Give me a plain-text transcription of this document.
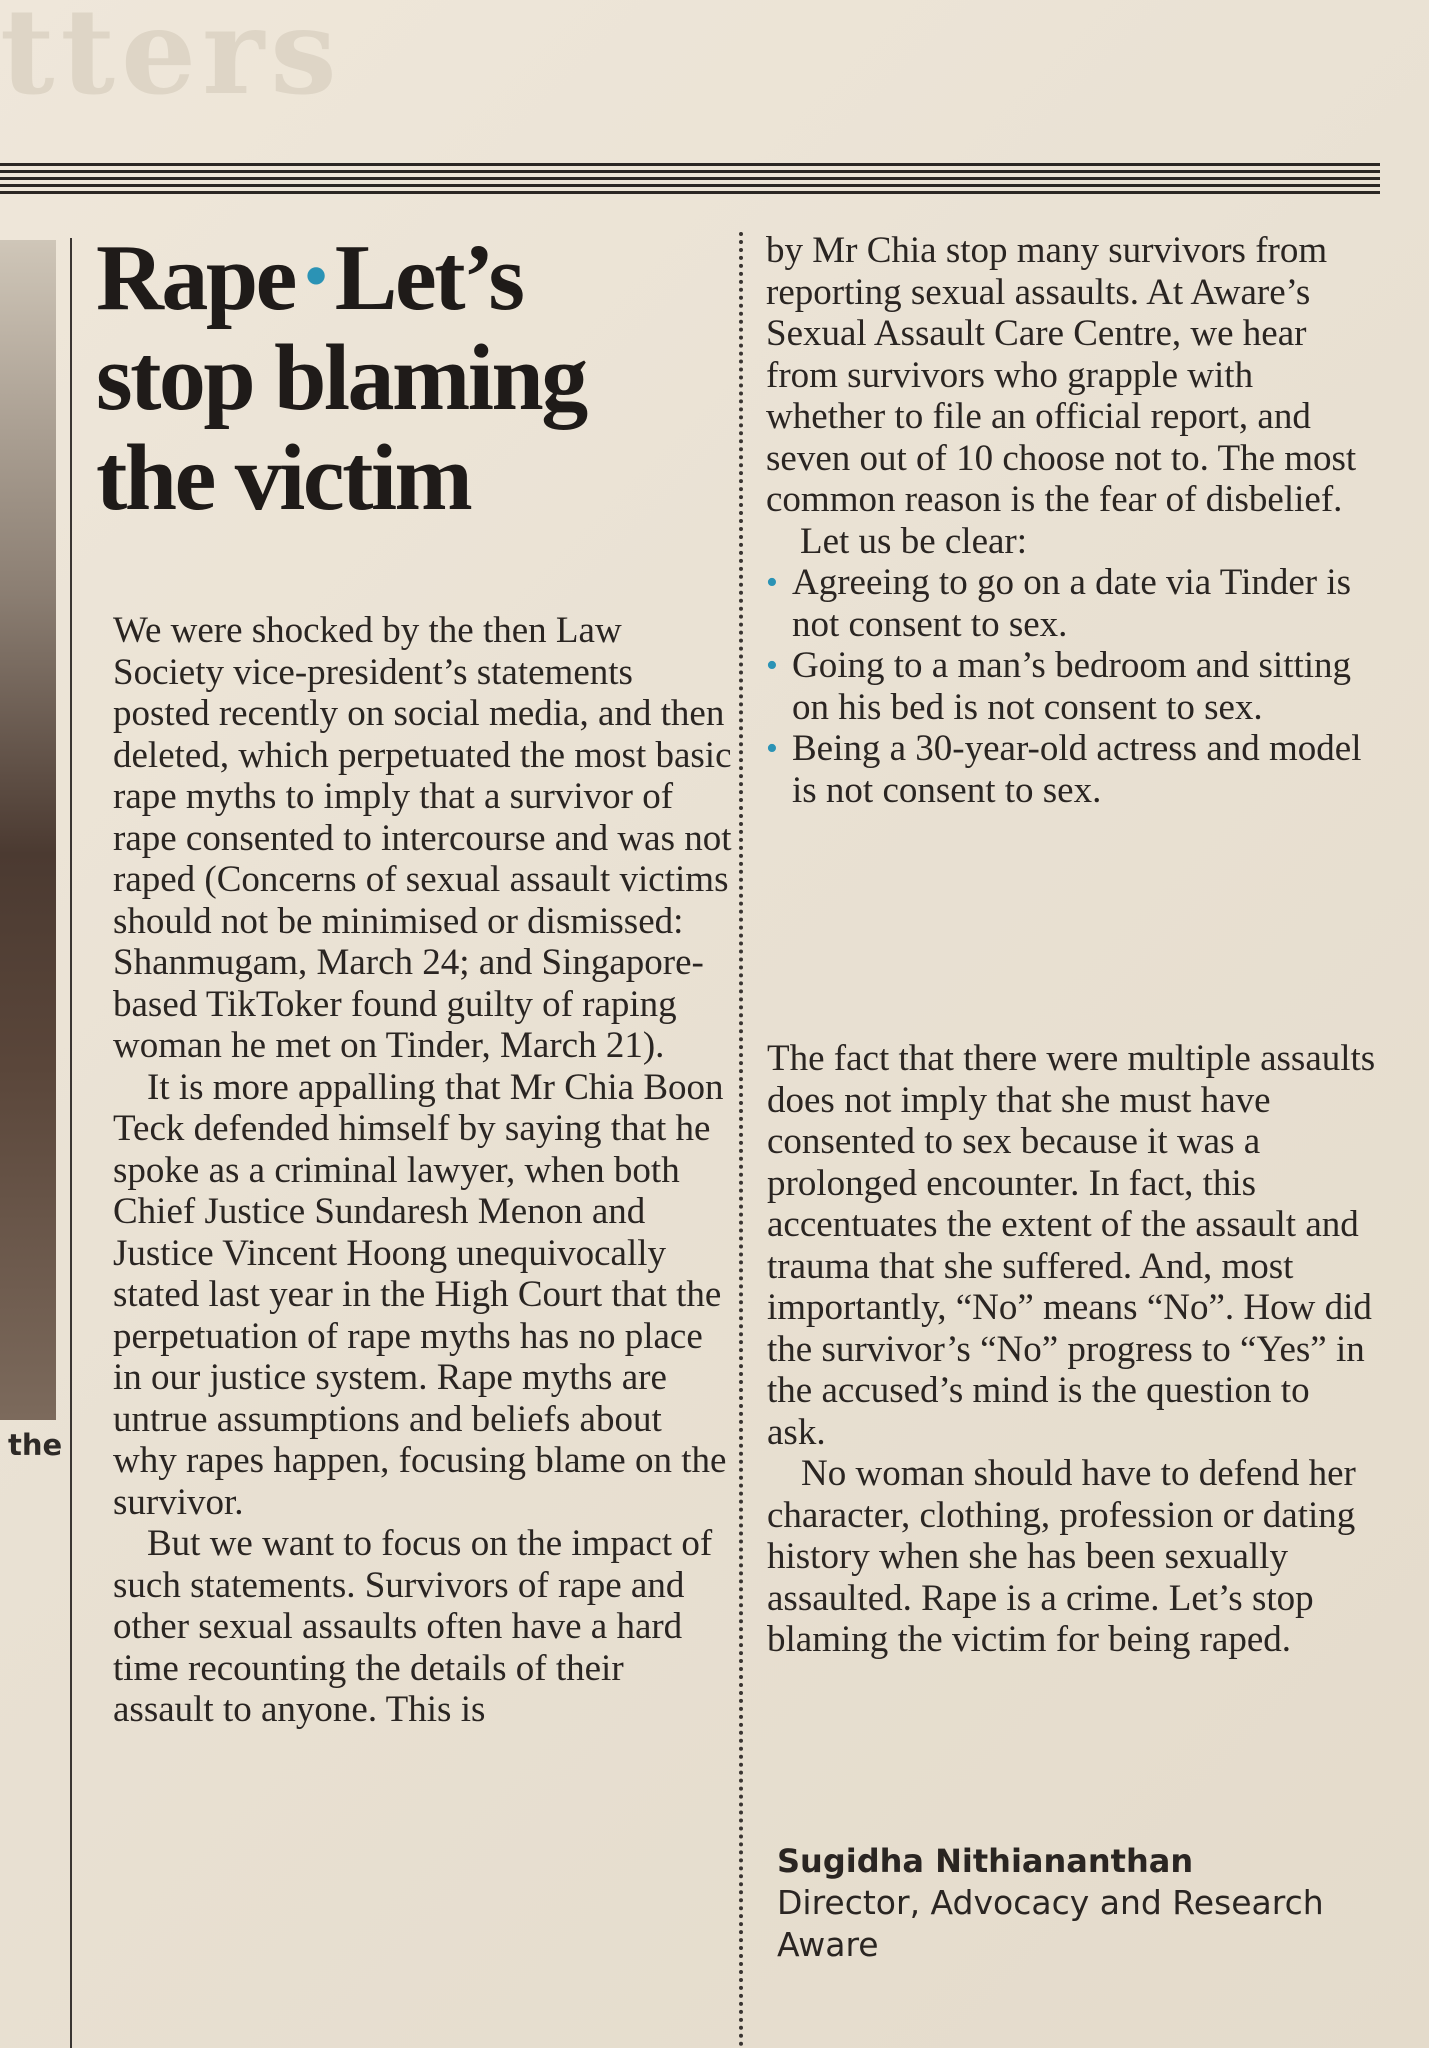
tters
the
Rape • Let’s stop blaming the victim

We were shocked by the then Law Society vice-president’s statements posted recently on social media, and then deleted, which perpetuated the most basic rape myths to imply that a survivor of rape consented to intercourse and was not raped (Concerns of sexual assault victims should not be minimised or dismissed: Shanmugam, March 24; and Singapore-based TikToker found guilty of raping woman he met on Tinder, March 21).

It is more appalling that Mr Chia Boon Teck defended himself by saying that he spoke as a criminal lawyer, when both Chief Justice Sundaresh Menon and Justice Vincent Hoong unequivocally stated last year in the High Court that the perpetuation of rape myths has no place in our justice system. Rape myths are untrue assumptions and beliefs about why rapes happen, focusing blame on the survivor.

But we want to focus on the impact of such statements. Survivors of rape and other sexual assaults often have a hard time recounting the details of their assault to anyone. This is

by Mr Chia stop many survivors from reporting sexual assaults. At Aware’s Sexual Assault Care Centre, we hear from survivors who grapple with whether to file an official report, and seven out of 10 choose not to. The most common reason is the fear of disbelief.

Let us be clear:

• Agreeing to go on a date via Tinder is not consent to sex.
• Going to a man’s bedroom and sitting on his bed is not consent to sex.
• Being a 30-year-old actress and model is not consent to sex.

The fact that there were multiple assaults does not imply that she must have consented to sex because it was a prolonged encounter. In fact, this accentuates the extent of the assault and trauma that she suffered. And, most importantly, “No” means “No”. How did the survivor’s “No” progress to “Yes” in the accused’s mind is the question to ask.

No woman should have to defend her character, clothing, profession or dating history when she has been sexually assaulted. Rape is a crime. Let’s stop blaming the victim for being raped.

Sugidha Nithiananthan
Director, Advocacy and Research
Aware
